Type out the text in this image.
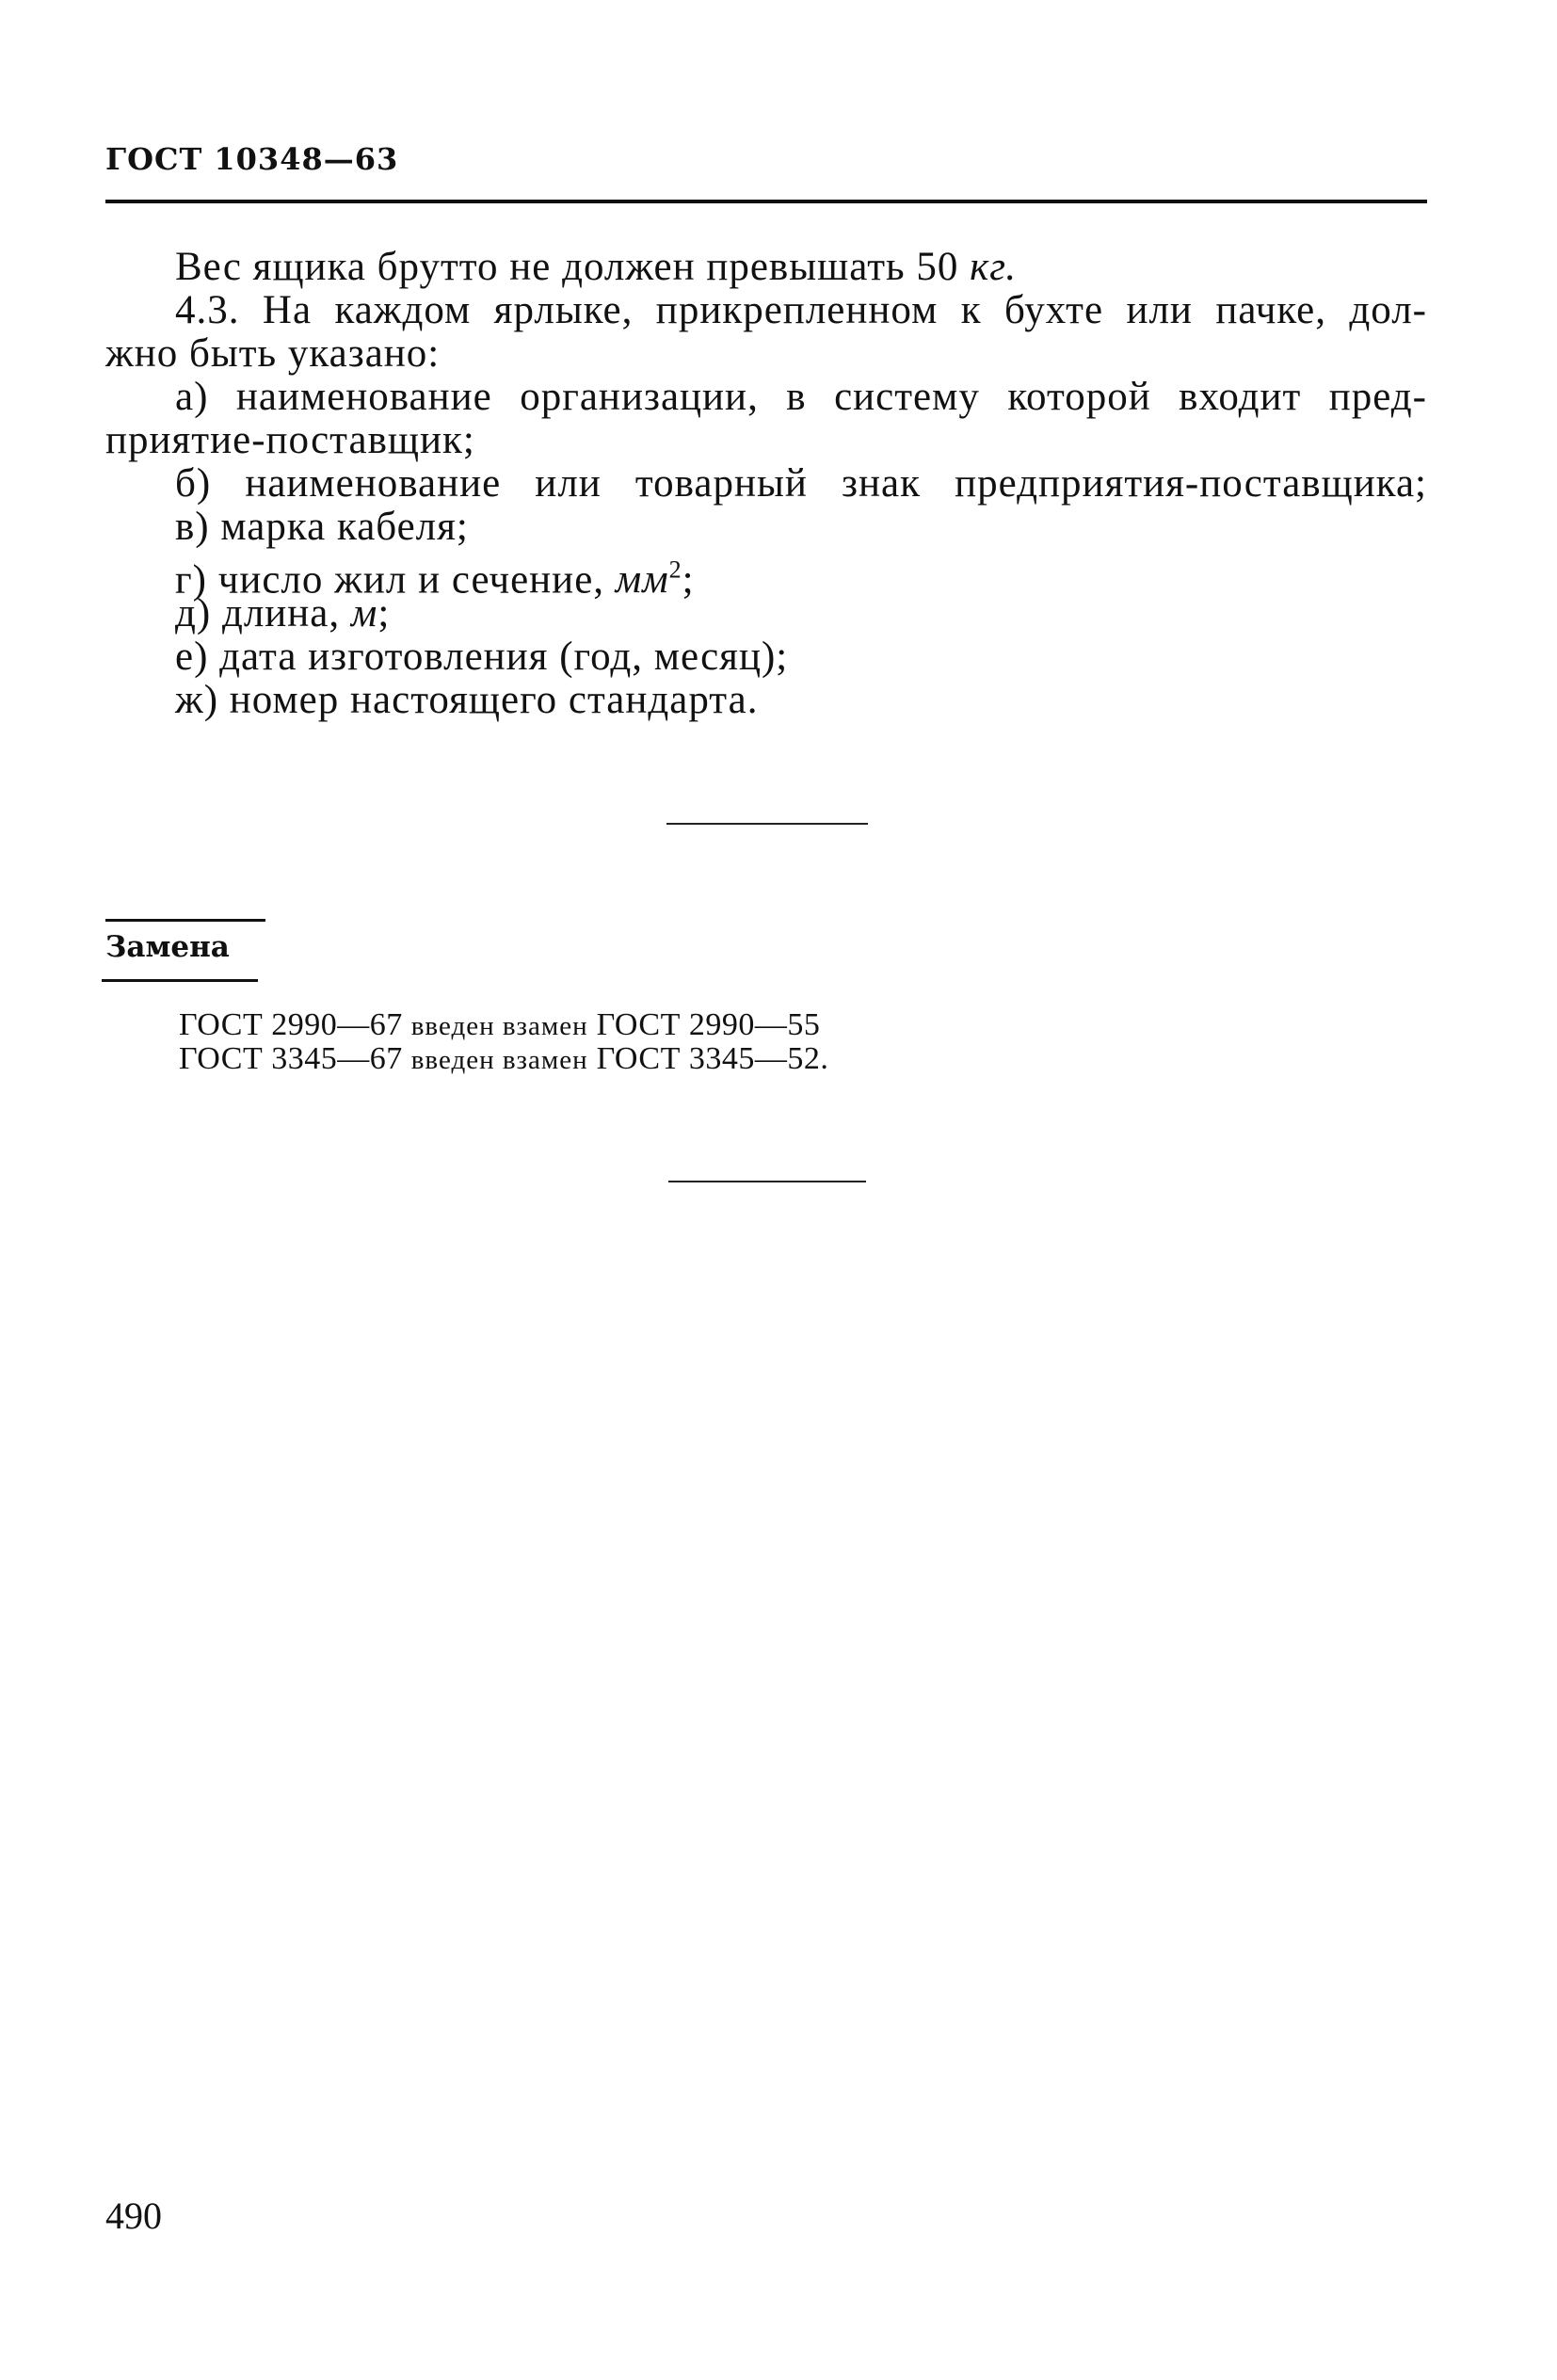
ГОСТ 10348—63
Вес ящика брутто не должен превышать 50 кг.
4.3. На каждом ярлыке, прикрепленном к бухте или пачке, дол-
жно быть указано:
а) наименование организации, в систему которой входит пред-
приятие-поставщик;
б) наименование или товарный знак предприятия-поставщика;
в) марка кабеля;
г) число жил и сечение, $мм^2$;
д) длина, м;
е) дата изготовления (год, месяц);
ж) номер настоящего стандарта.
Замена
ГОСТ 2990—67 введен взамен ГОСТ 2990—55
ГОСТ 3345—67 введен взамен ГОСТ 3345—52.
490
